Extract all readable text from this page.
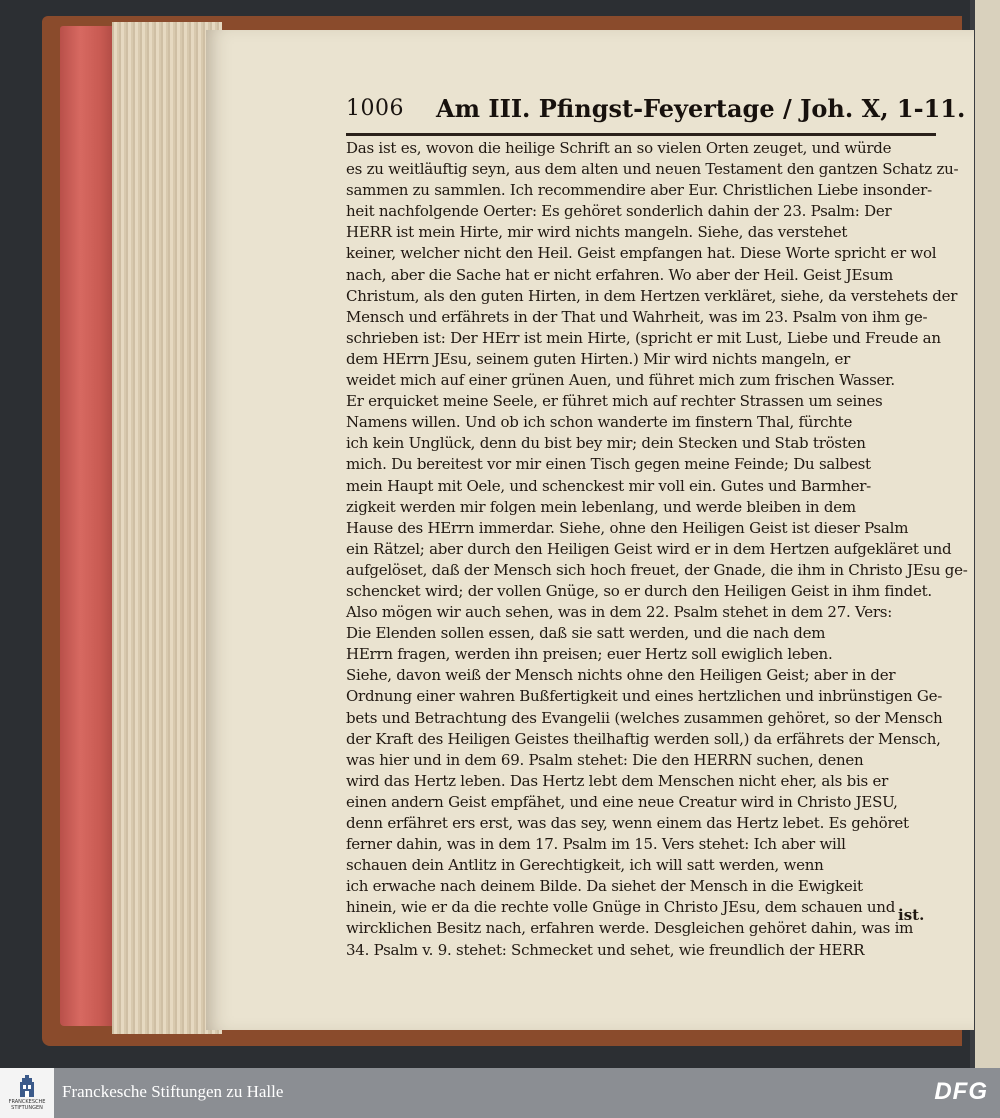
1006 Am III. Pfingst-Feyertage / Joh. X, 1-11.
Das ist es, wovon die heilige Schrift an so vielen Orten zeuget, und würde
es zu weitläuftig seyn, aus dem alten und neuen Testament den gantzen Schatz zu-
sammen zu sammlen. Ich recommendire aber Eur. Christlichen Liebe insonder-
heit nachfolgende Oerter: Es gehöret sonderlich dahin der 23. Psalm: Der
HERR ist mein Hirte, mir wird nichts mangeln. Siehe, das verstehet
keiner, welcher nicht den Heil. Geist empfangen hat. Diese Worte spricht er wol
nach, aber die Sache hat er nicht erfahren. Wo aber der Heil. Geist JEsum
Christum, als den guten Hirten, in dem Hertzen verkläret, siehe, da verstehets der
Mensch und erfährets in der That und Wahrheit, was im 23. Psalm von ihm ge-
schrieben ist: Der HErr ist mein Hirte, (spricht er mit Lust, Liebe und Freude an
dem HErrn JEsu, seinem guten Hirten.) Mir wird nichts mangeln, er
weidet mich auf einer grünen Auen, und führet mich zum frischen Wasser.
Er erquicket meine Seele, er führet mich auf rechter Strassen um seines
Namens willen. Und ob ich schon wanderte im finstern Thal, fürchte
ich kein Unglück, denn du bist bey mir; dein Stecken und Stab trösten
mich. Du bereitest vor mir einen Tisch gegen meine Feinde; Du salbest
mein Haupt mit Oele, und schenckest mir voll ein. Gutes und Barmher-
zigkeit werden mir folgen mein lebenlang, und werde bleiben in dem
Hause des HErrn immerdar. Siehe, ohne den Heiligen Geist ist dieser Psalm
ein Rätzel; aber durch den Heiligen Geist wird er in dem Hertzen aufgekläret und
aufgelöset, daß der Mensch sich hoch freuet, der Gnade, die ihm in Christo JEsu ge-
schencket wird; der vollen Gnüge, so er durch den Heiligen Geist in ihm findet.
Also mögen wir auch sehen, was in dem 22. Psalm stehet in dem 27. Vers:
Die Elenden sollen essen, daß sie satt werden, und die nach dem
HErrn fragen, werden ihn preisen; euer Hertz soll ewiglich leben.
Siehe, davon weiß der Mensch nichts ohne den Heiligen Geist; aber in der
Ordnung einer wahren Bußfertigkeit und eines hertzlichen und inbrünstigen Ge-
bets und Betrachtung des Evangelii (welches zusammen gehöret, so der Mensch
der Kraft des Heiligen Geistes theilhaftig werden soll,) da erfährets der Mensch,
was hier und in dem 69. Psalm stehet: Die den HERRN suchen, denen
wird das Hertz leben. Das Hertz lebt dem Menschen nicht eher, als bis er
einen andern Geist empfähet, und eine neue Creatur wird in Christo JESU,
denn erfähret ers erst, was das sey, wenn einem das Hertz lebet. Es gehöret
ferner dahin, was in dem 17. Psalm im 15. Vers stehet: Ich aber will
schauen dein Antlitz in Gerechtigkeit, ich will satt werden, wenn
ich erwache nach deinem Bilde. Da siehet der Mensch in die Ewigkeit
hinein, wie er da die rechte volle Gnüge in Christo JEsu, dem schauen und
wircklichen Besitz nach, erfahren werde. Desgleichen gehöret dahin, was im
34. Psalm v. 9. stehet: Schmecket und sehet, wie freundlich der HERR
ist.
FRANCKESCHE STIFTUNGEN
Franckesche Stiftungen zu Halle	DFG
